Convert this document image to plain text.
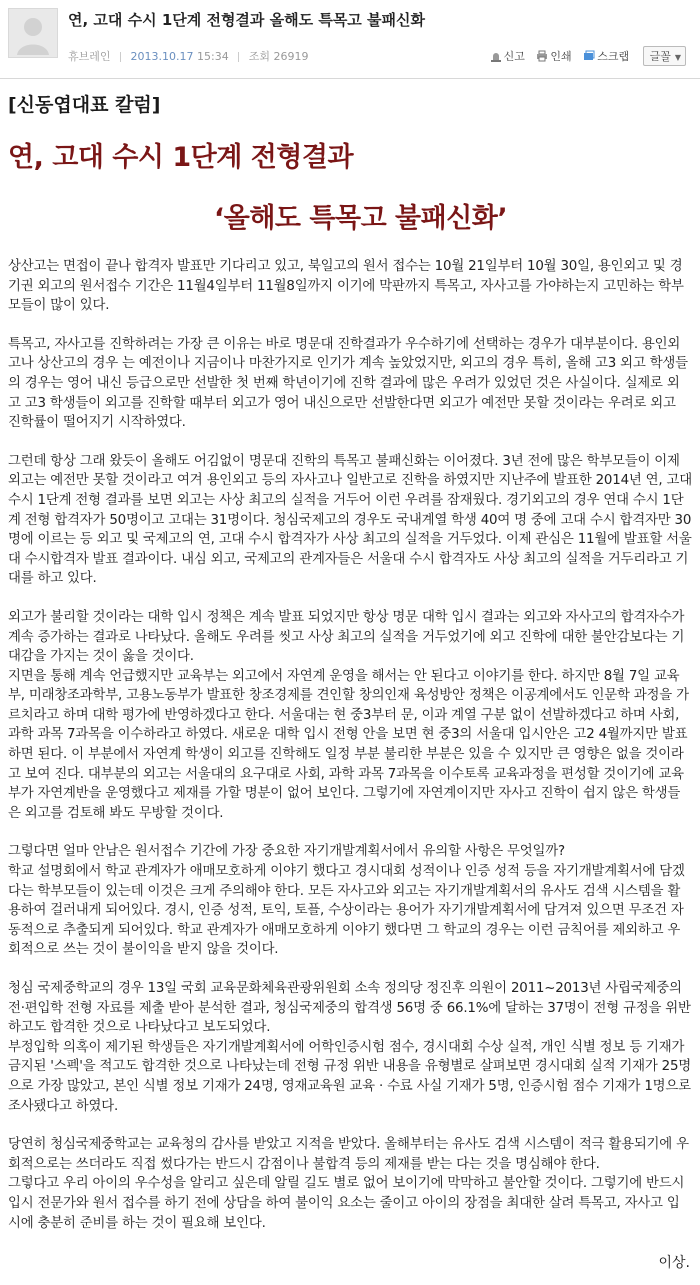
연, 고대 수시 1단계 전형결과 올해도 특목고 불패신화
휴브레인 2013.10.17 15:34 조회 26919	신고 인쇄 스크랩 글꼴 ▼
[신동엽대표 칼럼]
연, 고대 수시 1단계 전형결과
‘올해도 특목고 불패신화’

상산고는 면접이 끝나 합격자 발표만 기다리고 있고, 북일고의 원서 접수는 10월 21일부터 10월 30일, 용인외고 및 경기권 외고의 원서접수 기간은 11월4일부터 11월8일까지 이기에 막판까지 특목고, 자사고를 가야하는지 고민하는 학부모들이 많이 있다.

특목고, 자사고를 진학하려는 가장 큰 이유는 바로 명문대 진학결과가 우수하기에 선택하는 경우가 대부분이다. 용인외고나 상산고의 경우 는 예전이나 지금이나 마찬가지로 인기가 계속 높았었지만, 외고의 경우 특히, 올해 고3 외고 학생들의 경우는 영어 내신 등급으로만 선발한 첫 번째 학년이기에 진학 결과에 많은 우려가 있었던 것은 사실이다. 실제로 외고 고3 학생들이 외고를 진학할 때부터 외고가 영어 내신으로만 선발한다면 외고가 예전만 못할 것이라는 우려로 외고 진학률이 떨어지기 시작하였다.

그런데 항상 그래 왔듯이 올해도 어김없이 명문대 진학의 특목고 불패신화는 이어졌다. 3년 전에 많은 학부모들이 이제 외고는 예전만 못할 것이라고 여겨 용인외고 등의 자사고나 일반고로 진학을 하였지만 지난주에 발표한 2014년 연, 고대 수시 1단계 전형 결과를 보면 외고는 사상 최고의 실적을 거두어 이런 우려를 잠재웠다. 경기외고의 경우 연대 수시 1단계 전형 합격자가 50명이고 고대는 31명이다. 청심국제고의 경우도 국내계열 학생 40여 명 중에 고대 수시 합격자만 30명에 이르는 등 외고 및 국제고의 연, 고대 수시 합격자가 사상 최고의 실적을 거두었다. 이제 관심은 11월에 발표할 서울대 수시합격자 발표 결과이다. 내심 외고, 국제고의 관계자들은 서울대 수시 합격자도 사상 최고의 실적을 거두리라고 기대를 하고 있다.

외고가 불리할 것이라는 대학 입시 정책은 계속 발표 되었지만 항상 명문 대학 입시 결과는 외고와 자사고의 합격자수가 계속 증가하는 결과로 나타났다. 올해도 우려를 씻고 사상 최고의 실적을 거두었기에 외고 진학에 대한 불안감보다는 기대감을 가지는 것이 옳을 것이다.

지면을 통해 계속 언급했지만 교육부는 외고에서 자연계 운영을 해서는 안 된다고 이야기를 한다. 하지만 8월 7일 교육부, 미래창조과학부, 고용노동부가 발표한 창조경제를 견인할 창의인재 육성방안 정책은 이공계에서도 인문학 과정을 가르치라고 하며 대학 평가에 반영하겠다고 한다. 서울대는 현 중3부터 문, 이과 계열 구분 없이 선발하겠다고 하며 사회, 과학 과목 7과목을 이수하라고 하였다. 새로운 대학 입시 전형 안을 보면 현 중3의 서울대 입시안은 고2 4월까지만 발표하면 된다. 이 부분에서 자연계 학생이 외고를 진학해도 일정 부분 불리한 부분은 있을 수 있지만 큰 영향은 없을 것이라고 보여 진다. 대부분의 외고는 서울대의 요구대로 사회, 과학 과목 7과목을 이수토록 교육과정을 편성할 것이기에 교육부가 자연계반을 운영했다고 제재를 가할 명분이 없어 보인다. 그렇기에 자연계이지만 자사고 진학이 쉽지 않은 학생들은 외고를 검토해 봐도 무방할 것이다.

그렇다면 얼마 안남은 원서접수 기간에 가장 중요한 자기개발계획서에서 유의할 사항은 무엇일까?

학교 설명회에서 학교 관계자가 애매모호하게 이야기 했다고 경시대회 성적이나 인증 성적 등을 자기개발계획서에 담겠다는 학부모들이 있는데 이것은 크게 주의해야 한다. 모든 자사고와 외고는 자기개발계획서의 유사도 검색 시스템을 활용하여 걸러내게 되어있다. 경시, 인증 성적, 토익, 토플, 수상이라는 용어가 자기개발계획서에 담겨져 있으면 무조건 자동적으로 추출되게 되어있다. 학교 관계자가 애매모호하게 이야기 했다면 그 학교의 경우는 이런 금칙어를 제외하고 우회적으로 쓰는 것이 불이익을 받지 않을 것이다.

청심 국제중학교의 경우 13일 국회 교육문화체육관광위원회 소속 정의당 정진후 의원이 2011~2013년 사립국제중의 전·편입학 전형 자료를 제출 받아 분석한 결과, 청심국제중의 합격생 56명 중 66.1%에 달하는 37명이 전형 규정을 위반하고도 합격한 것으로 나타났다고 보도되었다.

부정입학 의혹이 제기된 학생들은 자기개발계획서에 어학인증시험 점수, 경시대회 수상 실적, 개인 식별 정보 등 기재가 금지된 '스펙'을 적고도 합격한 것으로 나타났는데 전형 규정 위반 내용을 유형별로 살펴보면 경시대회 실적 기재가 25명으로 가장 많았고, 본인 식별 정보 기재가 24명, 영재교육원 교육 · 수료 사실 기재가 5명, 인증시험 점수 기재가 1명으로 조사됐다고 하였다.

당연히 청심국제중학교는 교육청의 감사를 받았고 지적을 받았다. 올해부터는 유사도 검색 시스템이 적극 활용되기에 우회적으로는 쓰더라도 직접 썼다가는 반드시 감점이나 불합격 등의 제재를 받는 다는 것을 명심해야 한다.

그렇다고 우리 아이의 우수성을 알리고 싶은데 알릴 길도 별로 없어 보이기에 막막하고 불안할 것이다. 그렇기에 반드시 입시 전문가와 원서 접수를 하기 전에 상담을 하여 불이익 요소는 줄이고 아이의 장점을 최대한 살려 특목고, 자사고 입시에 충분히 준비를 하는 것이 필요해 보인다.

이상.
